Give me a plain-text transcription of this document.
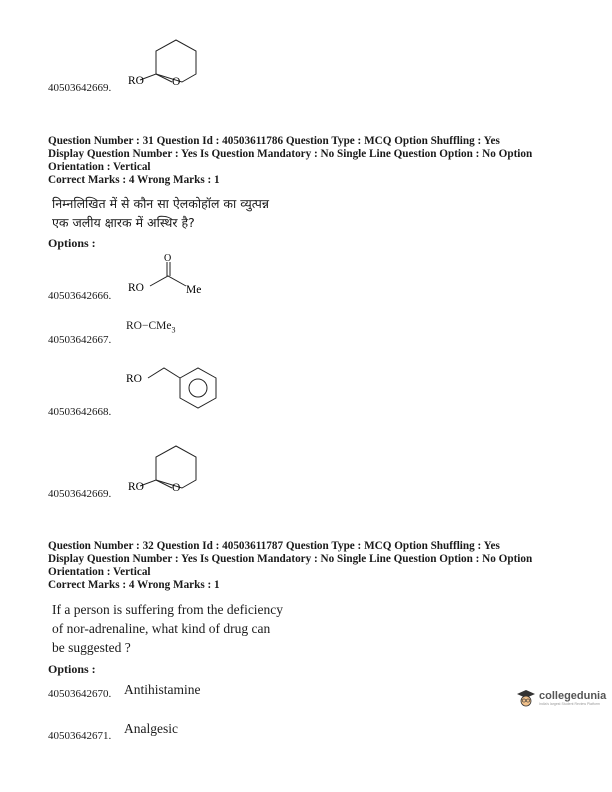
40503642669.
RO O
Question Number : 31 Question Id : 40503611786 Question Type : MCQ Option Shuffling : Yes
Display Question Number : Yes Is Question Mandatory : No Single Line Question Option : No Option
Orientation : Vertical
Correct Marks : 4 Wrong Marks : 1
निम्नलिखित में से कौन सा ऐलकोहॉल का व्युत्पन्न
एक जलीय क्षारक में अस्थिर है?
Options :
40503642666.
RO
O
Me
40503642667.
RO−CMe$_3$
40503642668.
RO
40503642669.
RO O
Question Number : 32 Question Id : 40503611787 Question Type : MCQ Option Shuffling : Yes
Display Question Number : Yes Is Question Mandatory : No Single Line Question Option : No Option
Orientation : Vertical
Correct Marks : 4 Wrong Marks : 1
If a person is suffering from the deficiency
of nor-adrenaline, what kind of drug can
be suggested ?
Options :
40503642670. Antihistamine
40503642671. Analgesic
collegedunia
India's largest Student Review Platform
